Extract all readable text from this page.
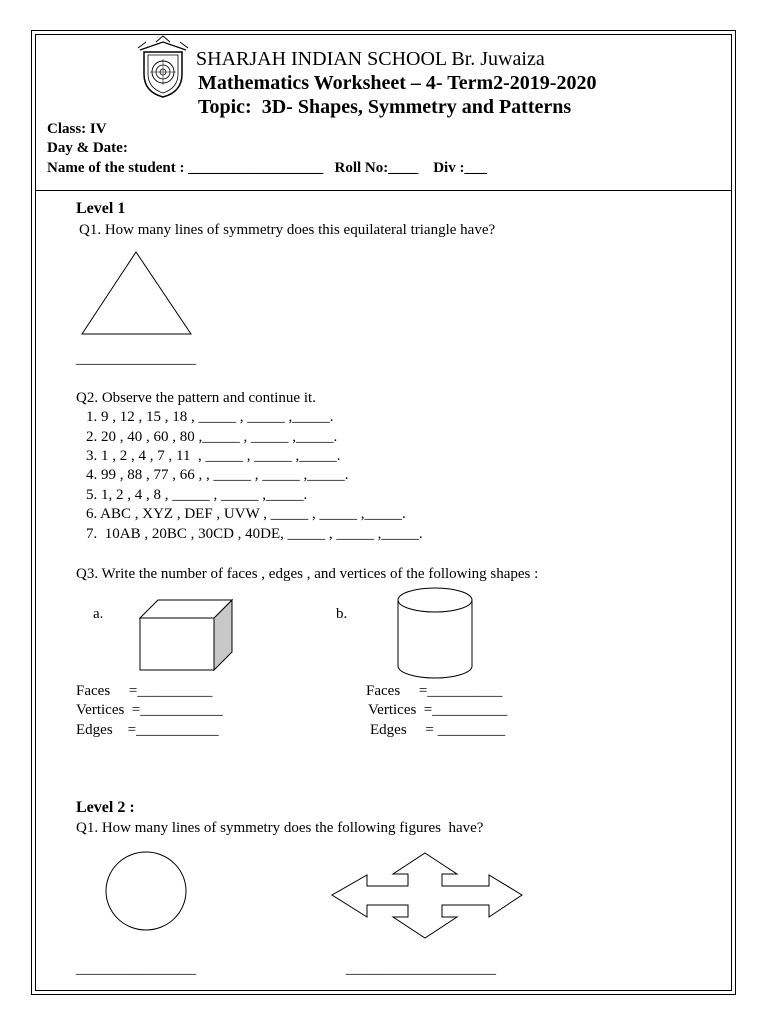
SHARJAH INDIAN SCHOOL Br. Juwaiza
Mathematics Worksheet – 4- Term2-2019-2020
Topic:  3D- Shapes, Symmetry and Patterns
Class: IV
Day & Date:
Name of the student : __________________   Roll No:____    Div :___
Level 1
Q1. How many lines of symmetry does this equilateral triangle have?
________________
Q2. Observe the pattern and continue it.
1. 9 , 12 , 15 , 18 , _____ , _____ ,_____.
2. 20 , 40 , 60 , 80 ,_____ , _____ ,_____.
3. 1 , 2 , 4 , 7 , 11  , _____ , _____ ,_____.
4. 99 , 88 , 77 , 66 , , _____ , _____ ,_____.
5. 1, 2 , 4 , 8 , _____ , _____ ,_____.
6. ABC , XYZ , DEF , UVW , _____ , _____ ,_____.
7.  10AB , 20BC , 30CD , 40DE, _____ , _____ ,_____.
Q3. Write the number of faces , edges , and vertices of the following shapes :
a.	b.
Faces     =__________
Vertices  =___________
Edges    =___________
Faces     =__________
Vertices  =__________
Edges     = _________
Level 2 :
Q1. How many lines of symmetry does the following figures  have?
________________	____________________
